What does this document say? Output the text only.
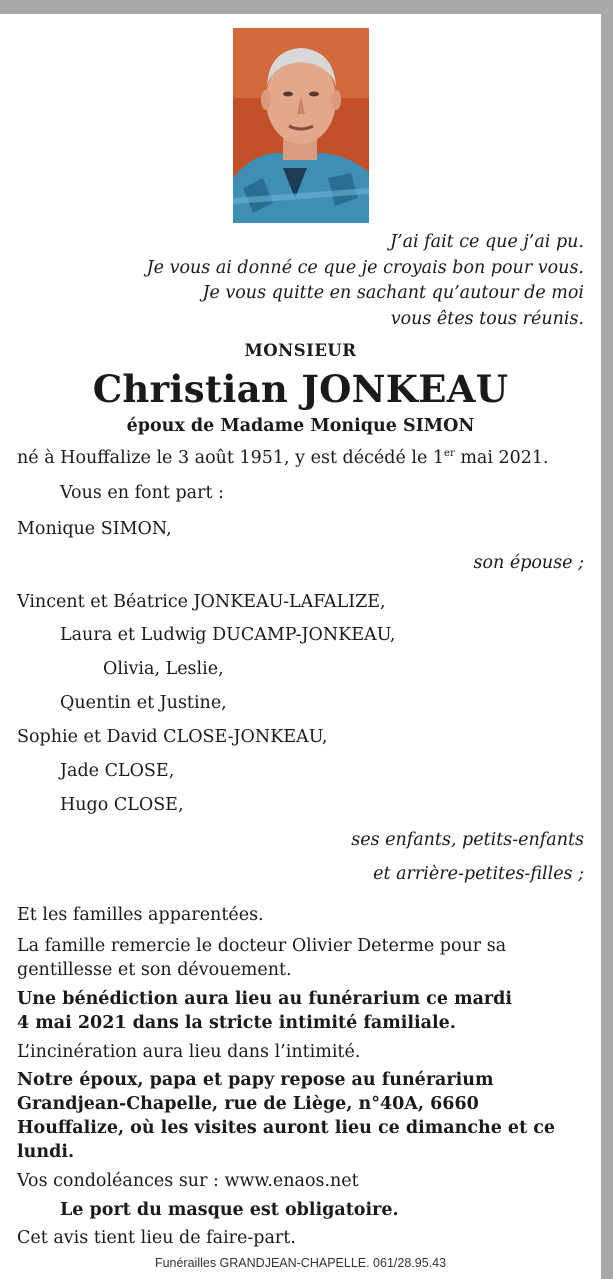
J’ai fait ce que j’ai pu.
Je vous ai donné ce que je croyais bon pour vous.
Je vous quitte en sachant qu’autour de moi
vous êtes tous réunis.
MONSIEUR
Christian JONKEAU
époux de Madame Monique SIMON
né à Houffalize le 3 août 1951, y est décédé le 1er mai 2021.
Vous en font part :
Monique SIMON,
son épouse ;
Vincent et Béatrice JONKEAU-LAFALIZE,
Laura et Ludwig DUCAMP-JONKEAU,
Olivia, Leslie,
Quentin et Justine,
Sophie et David CLOSE-JONKEAU,
Jade CLOSE,
Hugo CLOSE,
ses enfants, petits-enfants
et arrière-petites-filles ;
Et les familles apparentées.
La famille remercie le docteur Olivier Determe pour sa
gentillesse et son dévouement.
Une bénédiction aura lieu au funérarium ce mardi
4 mai 2021 dans la stricte intimité familiale.
L’incinération aura lieu dans l’intimité.
Notre époux, papa et papy repose au funérarium
Grandjean-Chapelle, rue de Liège, n°40A, 6660
Houffalize, où les visites auront lieu ce dimanche et ce
lundi.
Vos condoléances sur : www.enaos.net
Le port du masque est obligatoire.
Cet avis tient lieu de faire-part.
Funérailles GRANDJEAN-CHAPELLE. 061/28.95.43
